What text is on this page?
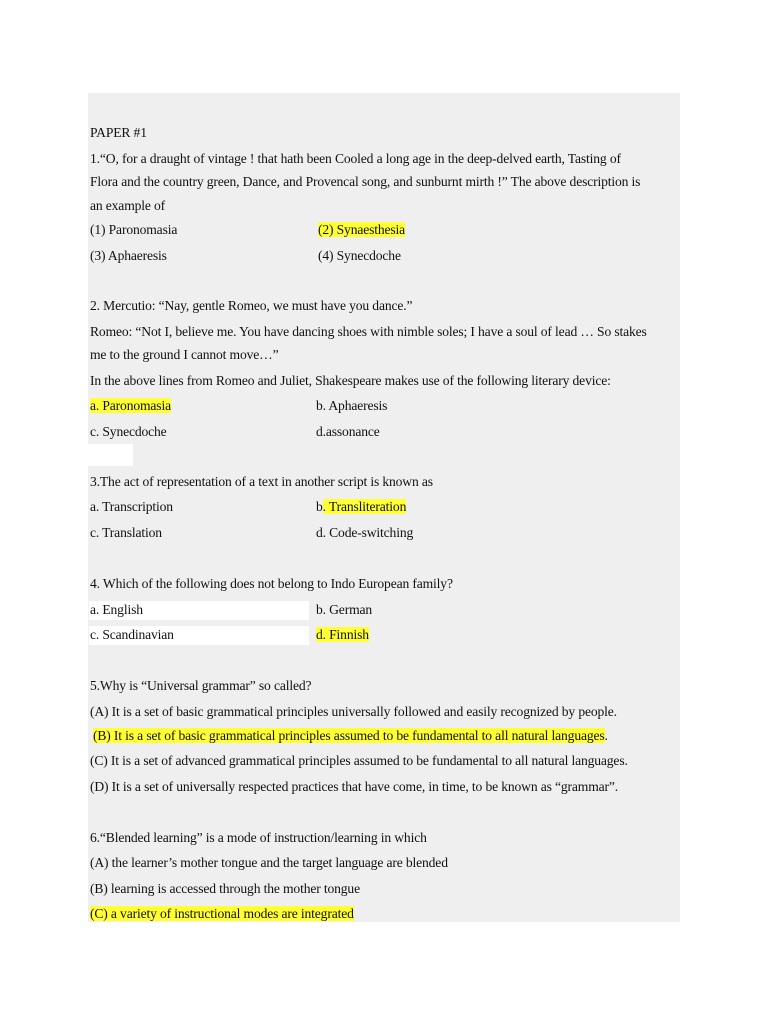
PAPER #1
1.“O, for a draught of vintage ! that hath been Cooled a long age in the deep-delved earth, Tasting of
Flora and the country green, Dance, and Provencal song, and sunburnt mirth !” The above description is
an example of
(1) Paronomasia	(2) Synaesthesia
(3) Aphaeresis	(4) Synecdoche
2. Mercutio: “Nay, gentle Romeo, we must have you dance.”
Romeo: “Not I, believe me. You have dancing shoes with nimble soles; I have a soul of lead … So stakes
me to the ground I cannot move…”
In the above lines from Romeo and Juliet, Shakespeare makes use of the following literary device:
a. Paronomasia	b. Aphaeresis
c. Synecdoche	d.assonance
3.The act of representation of a text in another script is known as
a. Transcription	b. Transliteration
c. Translation	d. Code-switching
4. Which of the following does not belong to Indo European family?
a. English	b. German
c. Scandinavian	d. Finnish
5.Why is “Universal grammar” so called?
(A) It is a set of basic grammatical principles universally followed and easily recognized by people.
(B) It is a set of basic grammatical principles assumed to be fundamental to all natural languages.
(C) It is a set of advanced grammatical principles assumed to be fundamental to all natural languages.
(D) It is a set of universally respected practices that have come, in time, to be known as “grammar”.
6.“Blended learning” is a mode of instruction/learning in which
(A) the learner’s mother tongue and the target language are blended
(B) learning is accessed through the mother tongue
(C) a variety of instructional modes are integrated
